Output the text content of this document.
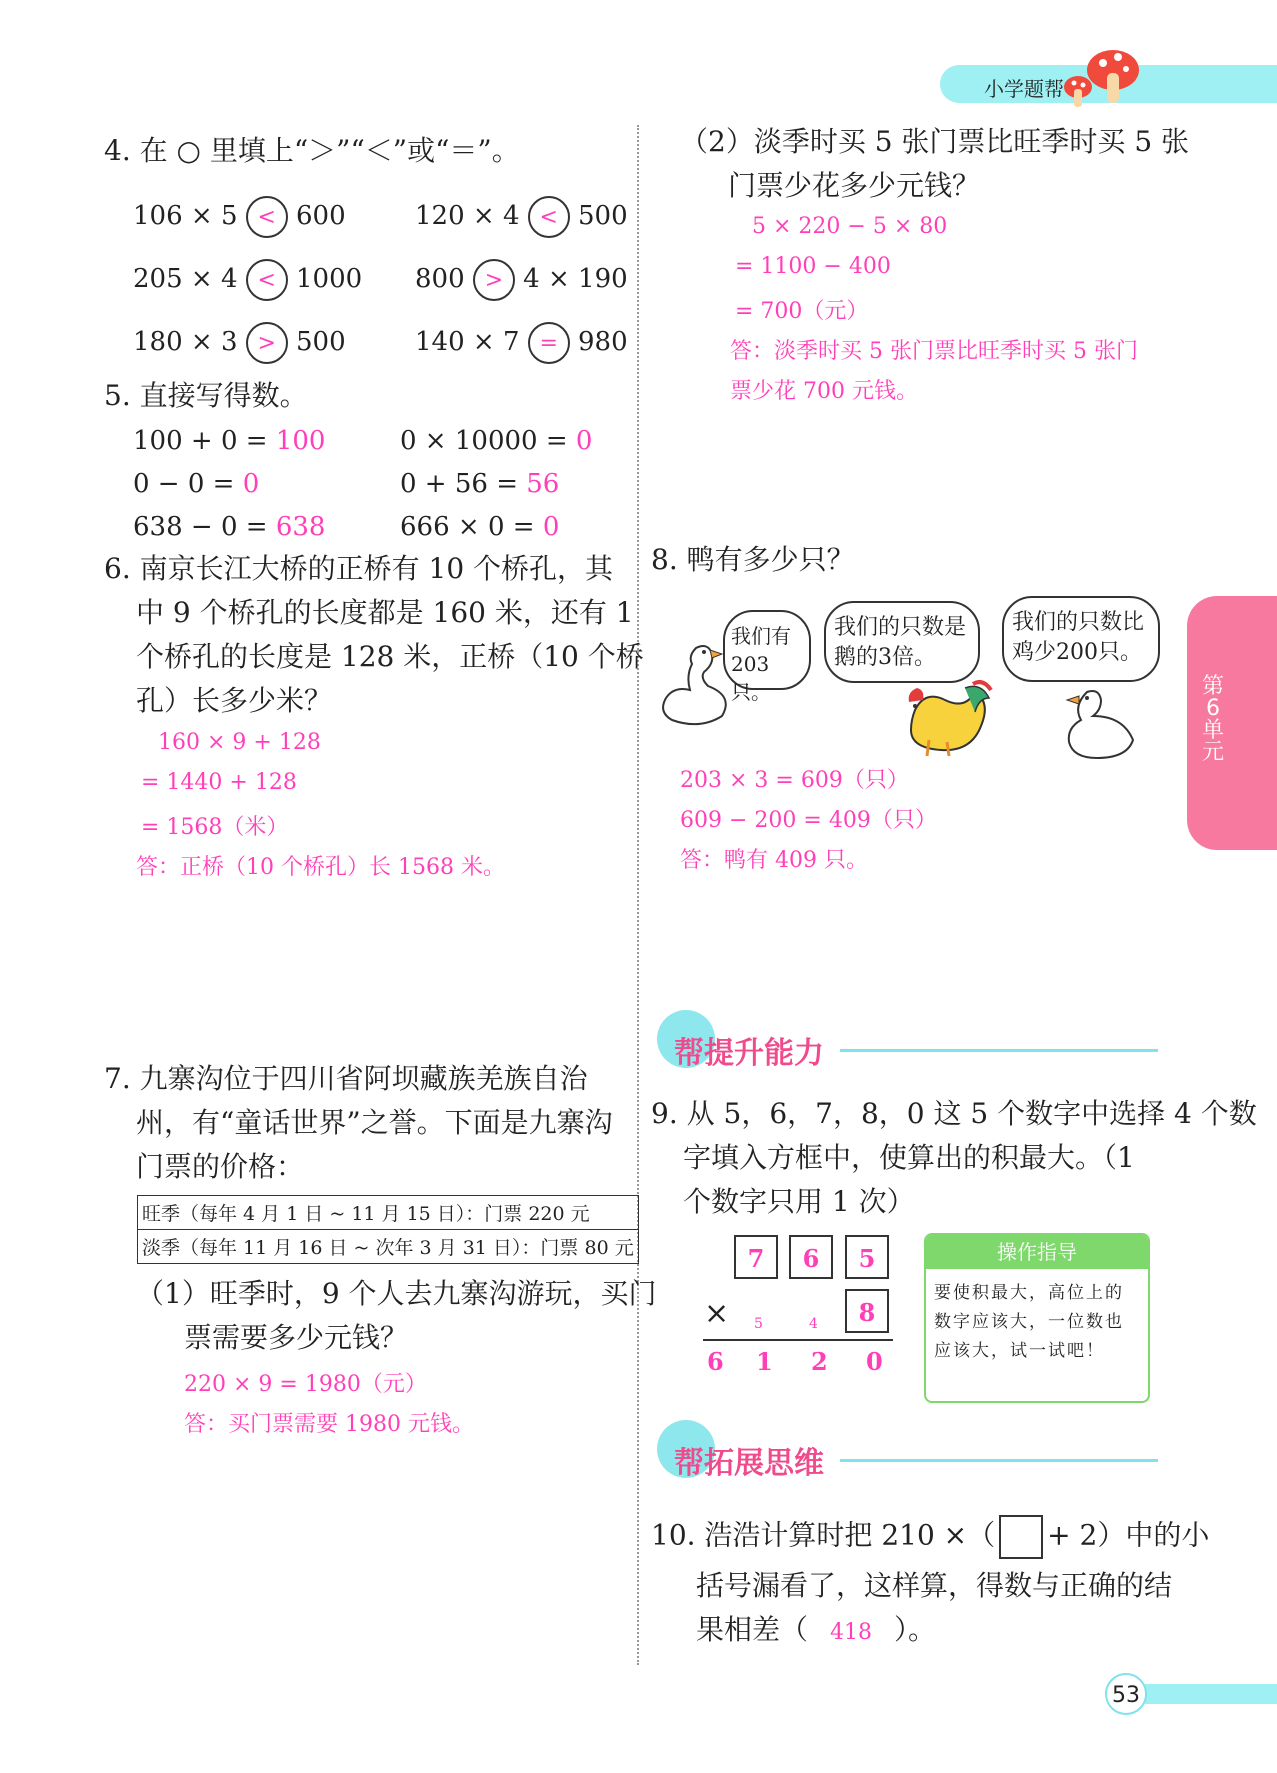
小学题帮
第6单元
4. 在 ○ 里填上“＞”“＜”或“＝”。
106 × 5 < 600	120 × 4 < 500
205 × 4 < 1000 800 > 4 × 190
180 × 3 > 500	140 × 7 = 980
5. 直接写得数。
100 + 0 = 100	0 × 10000 = 0
0 − 0 = 0	0 + 56 = 56
638 − 0 = 638	666 × 0 = 0
6. 南京长江大桥的正桥有 10 个桥孔，其
中 9 个桥孔的长度都是 160 米，还有 1
个桥孔的长度是 128 米，正桥（10 个桥
孔）长多少米？
160 × 9 + 128
= 1440 + 128
= 1568（米）
答：正桥（10 个桥孔）长 1568 米。
7. 九寨沟位于四川省阿坝藏族羌族自治
州，有“童话世界”之誉。下面是九寨沟
门票的价格：
旺季（每年 4 月 1 日 ~ 11 月 15 日）：门票 220 元
淡季（每年 11 月 16 日 ~ 次年 3 月 31 日）：门票 80 元
（1）旺季时，9 个人去九寨沟游玩，买门
票需要多少元钱？
220 × 9 = 1980（元）
答：买门票需要 1980 元钱。
（2）淡季时买 5 张门票比旺季时买 5 张
门票少花多少元钱？
5 × 220 − 5 × 80
= 1100 − 400
= 700（元）
答：淡季时买 5 张门票比旺季时买 5 张门
票少花 700 元钱。
8. 鸭有多少只？
我们有203只。
我们的只数是鹅的3倍。
我们的只数比鸡少200只。
203 × 3 = 609（只）
609 − 200 = 409（只）
答：鸭有 409 只。
帮提升能力
9. 从 5，6，7，8，0 这 5 个数字中选择 4 个数
字填入方框中，使算出的积最大。（1
个数字只用 1 次）
7	6	5
8
× 5	4
6 1 2 0
操作指导
要使积最大，高位上的数字应该大，一位数也应该大，试一试吧！
帮拓展思维
10. 浩浩计算时把 210 ×（ + 2）中的小
括号漏看了，这样算，得数与正确的结
果相差（ 418 ）。
53
